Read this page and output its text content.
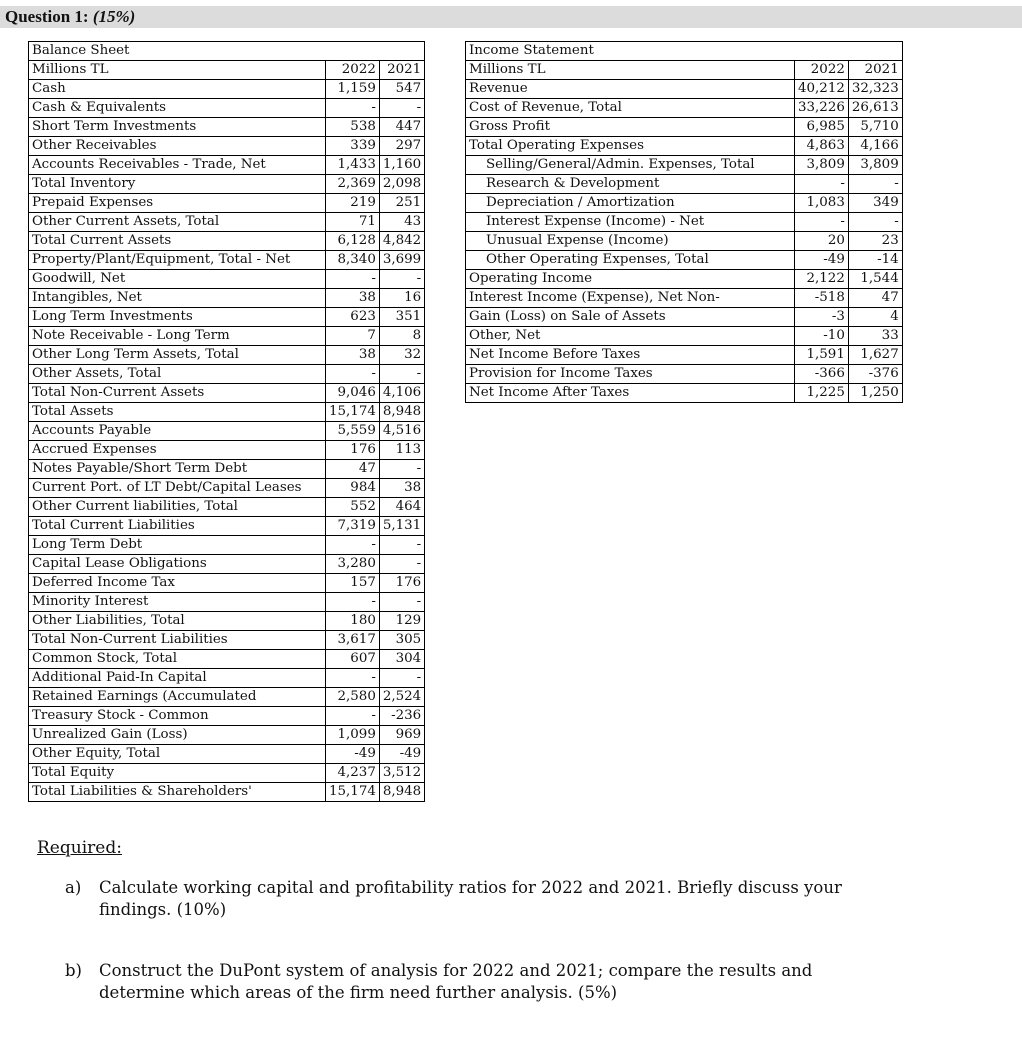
Question 1: (15%)
Balance Sheet		
Millions TL	2022	2021
Cash	1,159	547
Cash & Equivalents	-	-
Short Term Investments	538	447
Other Receivables	339	297
Accounts Receivables - Trade, Net	1,433	1,160
Total Inventory	2,369	2,098
Prepaid Expenses	219	251
Other Current Assets, Total	71	43
Total Current Assets	6,128	4,842
Property/Plant/Equipment, Total - Net	8,340	3,699
Goodwill, Net	-	-
Intangibles, Net	38	16
Long Term Investments	623	351
Note Receivable - Long Term	7	8
Other Long Term Assets, Total	38	32
Other Assets, Total	-	-
Total Non-Current Assets	9,046	4,106
Total Assets	15,174	8,948
Accounts Payable	5,559	4,516
Accrued Expenses	176	113
Notes Payable/Short Term Debt	47	-
Current Port. of LT Debt/Capital Leases	984	38
Other Current liabilities, Total	552	464
Total Current Liabilities	7,319	5,131
Long Term Debt	-	-
Capital Lease Obligations	3,280	-
Deferred Income Tax	157	176
Minority Interest	-	-
Other Liabilities, Total	180	129
Total Non-Current Liabilities	3,617	305
Common Stock, Total	607	304
Additional Paid-In Capital	-	-
Retained Earnings (Accumulated	2,580	2,524
Treasury Stock - Common	-	-236
Unrealized Gain (Loss)	1,099	969
Other Equity, Total	-49	-49
Total Equity	4,237	3,512
Total Liabilities & Shareholders'	15,174	8,948
Income Statement		
Millions TL	2022	2021
Revenue	40,212	32,323
Cost of Revenue, Total	33,226	26,613
Gross Profit	6,985	5,710
Total Operating Expenses	4,863	4,166
Selling/General/Admin. Expenses, Total	3,809	3,809
Research & Development	-	-
Depreciation / Amortization	1,083	349
Interest Expense (Income) - Net	-	-
Unusual Expense (Income)	20	23
Other Operating Expenses, Total	-49	-14
Operating Income	2,122	1,544
Interest Income (Expense), Net Non-	-518	47
Gain (Loss) on Sale of Assets	-3	4
Other, Net	-10	33
Net Income Before Taxes	1,591	1,627
Provision for Income Taxes	-366	-376
Net Income After Taxes	1,225	1,250
Required:
a) Calculate working capital and profitability ratios for 2022 and 2021. Briefly discuss your findings. (10%)
b) Construct the DuPont system of analysis for 2022 and 2021; compare the results and determine which areas of the firm need further analysis. (5%)
